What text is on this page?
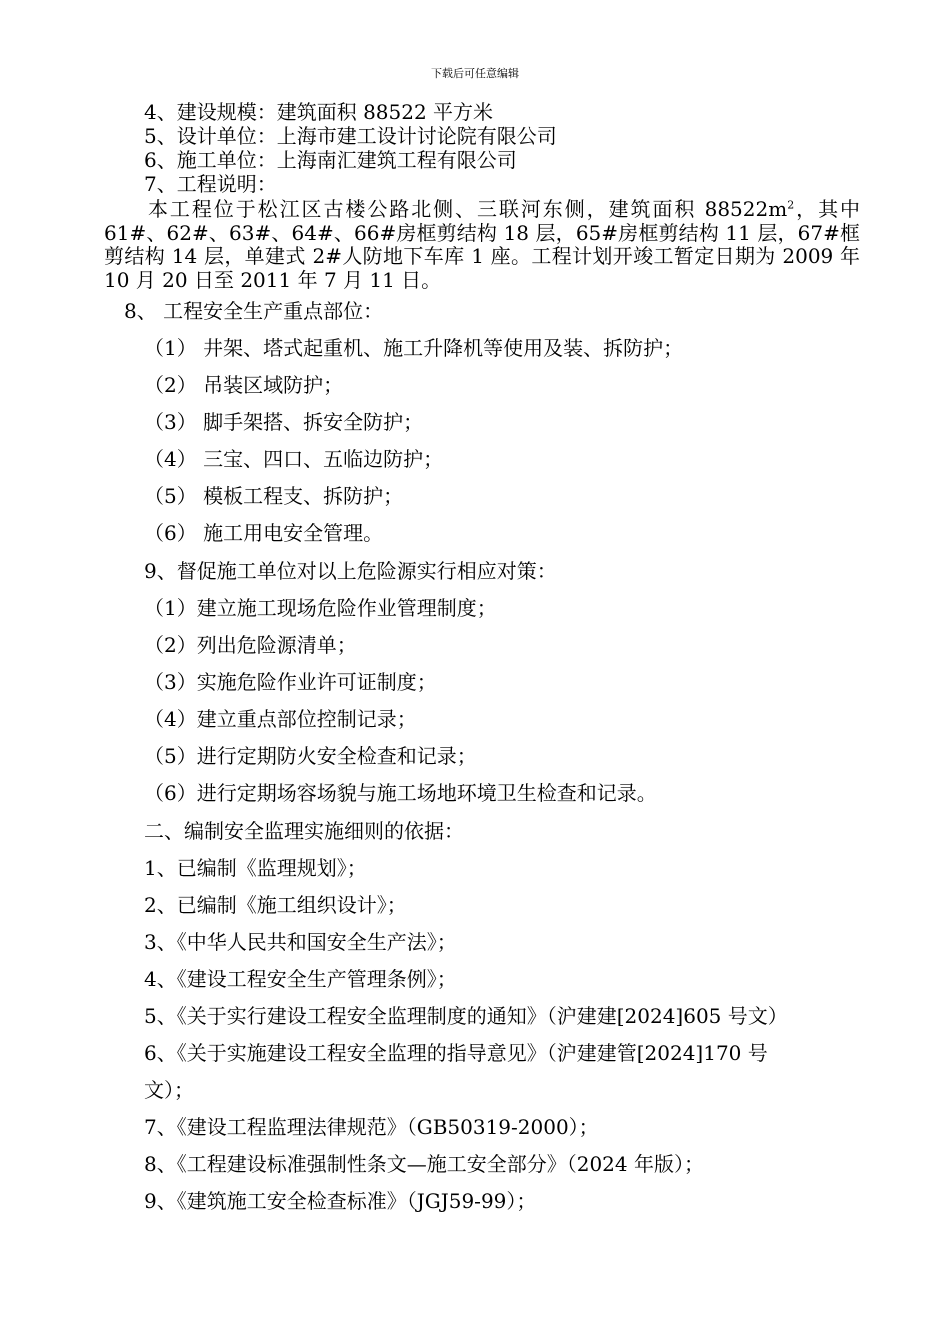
下载后可任意编辑
4、建设规模：建筑面积 88522 平方米
5、设计单位：上海市建工设计讨论院有限公司
6、施工单位：上海南汇建筑工程有限公司
7、工程说明：
本工程位于松江区古楼公路北侧、三联河东侧，建筑面积 $88522m^2$，其中 61#、62#、63#、64#、66#房框剪结构 18 层，65#房框剪结构 11 层，67#框剪结构 14 层，单建式 2#人防地下车库 1 座。工程计划开竣工暂定日期为 2009 年 10 月 20 日至 2011 年 7 月 11 日。
8、 工程安全生产重点部位：
（1） 井架、塔式起重机、施工升降机等使用及装、拆防护；
（2） 吊装区域防护；
（3） 脚手架搭、拆安全防护；
（4） 三宝、四口、五临边防护；
（5） 模板工程支、拆防护；
（6） 施工用电安全管理。
9、督促施工单位对以上危险源实行相应对策：
（1）建立施工现场危险作业管理制度；
（2）列出危险源清单；
（3）实施危险作业许可证制度；
（4）建立重点部位控制记录；
（5）进行定期防火安全检查和记录；
（6）进行定期场容场貌与施工场地环境卫生检查和记录。
二、编制安全监理实施细则的依据：
1、已编制《监理规划》；
2、已编制《施工组织设计》；
3、《中华人民共和国安全生产法》；
4、《建设工程安全生产管理条例》；
5、《关于实行建设工程安全监理制度的通知》（沪建建[2024]605 号文）
6、《关于实施建设工程安全监理的指导意见》（沪建建管[2024]170 号
文）；
7、《建设工程监理法律规范》（GB50319-2000）；
8、《工程建设标准强制性条文—施工安全部分》（2024 年版）；
9、《建筑施工安全检查标准》（JGJ59-99）；
